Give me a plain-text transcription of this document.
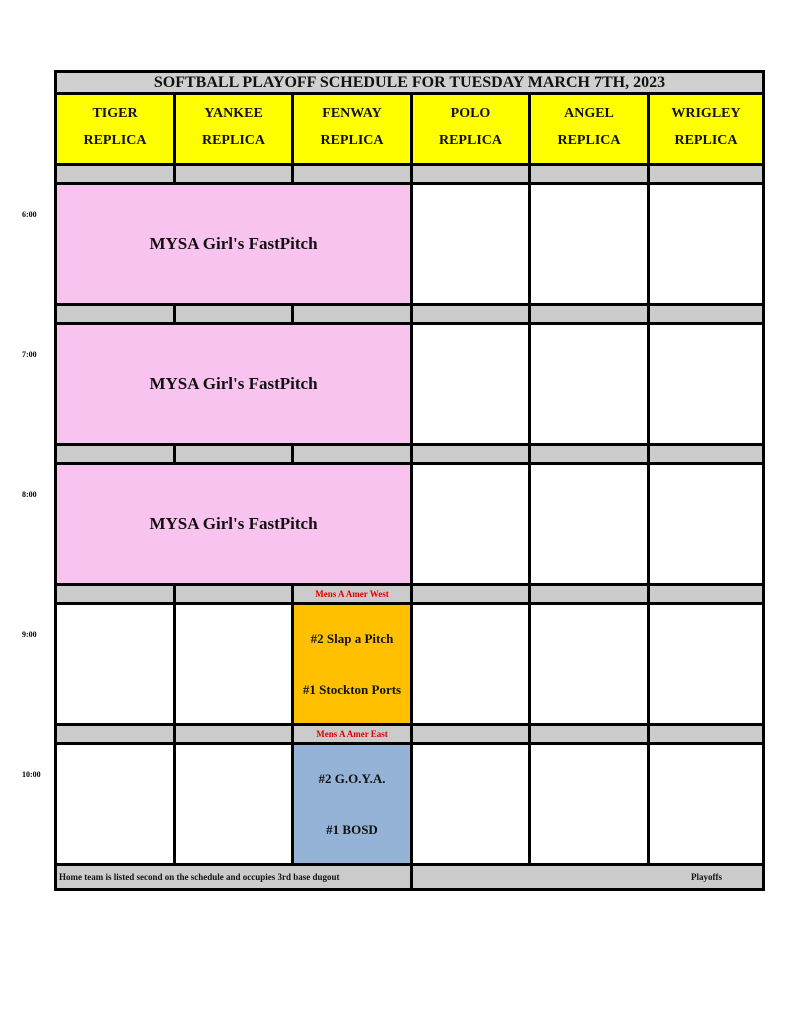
SOFTBALL PLAYOFF SCHEDULE FOR TUESDAY MARCH 7TH, 2023
TIGER
REPLICA
YANKEE
REPLICA
FENWAY
REPLICA
POLO
REPLICA
ANGEL
REPLICA
WRIGLEY
REPLICA
6:00
7:00
8:00
9:00
10:00
MYSA Girl's FastPitch
MYSA Girl's FastPitch
MYSA Girl's FastPitch
Mens A Amer West
#2 Slap a Pitch
#1 Stockton Ports
Mens A Amer East
#2 G.O.Y.A.
#1 BOSD
Home team is listed second on the schedule and occupies 3rd base dugout	Playoffs
